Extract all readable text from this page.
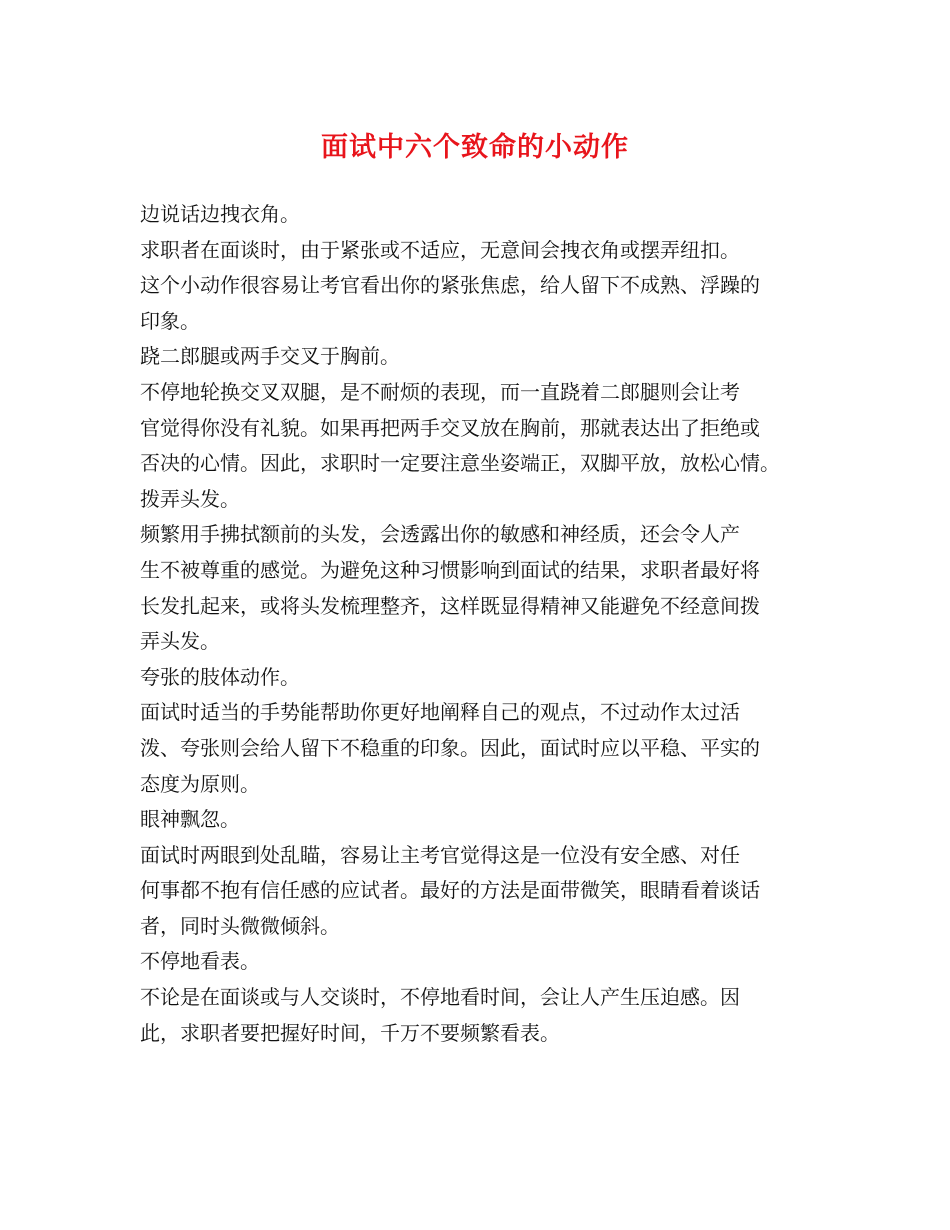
面试中六个致命的小动作
边说话边拽衣角。
求职者在面谈时，由于紧张或不适应，无意间会拽衣角或摆弄纽扣。
这个小动作很容易让考官看出你的紧张焦虑，给人留下不成熟、浮躁的
印象。
跷二郎腿或两手交叉于胸前。
不停地轮换交叉双腿，是不耐烦的表现，而一直跷着二郎腿则会让考
官觉得你没有礼貌。如果再把两手交叉放在胸前，那就表达出了拒绝或
否决的心情。因此，求职时一定要注意坐姿端正，双脚平放，放松心情。
拨弄头发。
频繁用手拂拭额前的头发，会透露出你的敏感和神经质，还会令人产
生不被尊重的感觉。为避免这种习惯影响到面试的结果，求职者最好将
长发扎起来，或将头发梳理整齐，这样既显得精神又能避免不经意间拨
弄头发。
夸张的肢体动作。
面试时适当的手势能帮助你更好地阐释自己的观点，不过动作太过活
泼、夸张则会给人留下不稳重的印象。因此，面试时应以平稳、平实的
态度为原则。
眼神飘忽。
面试时两眼到处乱瞄，容易让主考官觉得这是一位没有安全感、对任
何事都不抱有信任感的应试者。最好的方法是面带微笑，眼睛看着谈话
者，同时头微微倾斜。
不停地看表。
不论是在面谈或与人交谈时，不停地看时间，会让人产生压迫感。因
此，求职者要把握好时间，千万不要频繁看表。
